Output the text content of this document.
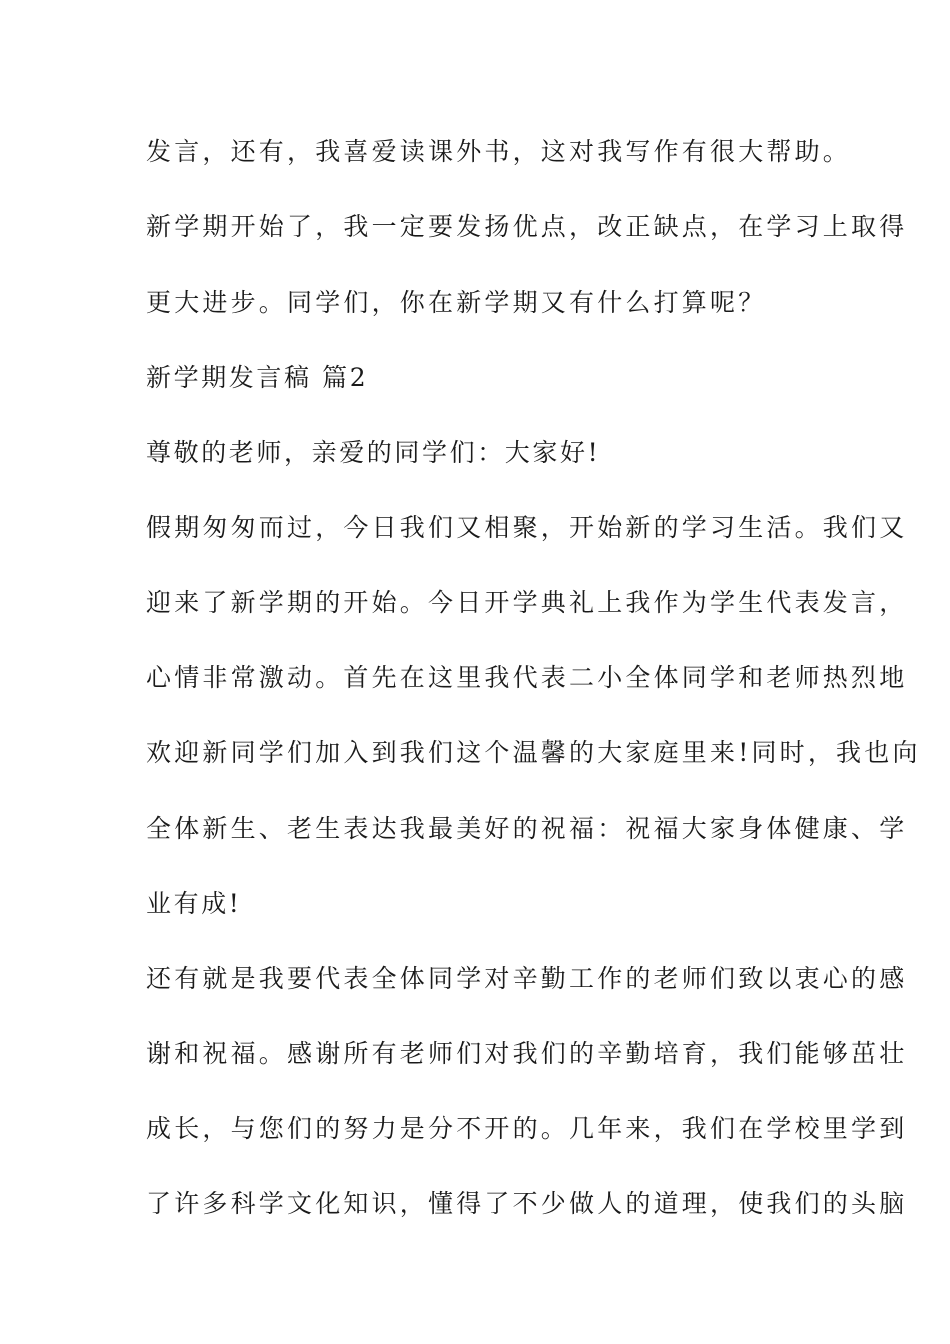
发言，还有，我喜爱读课外书，这对我写作有很大帮助。
新学期开始了，我一定要发扬优点，改正缺点，在学习上取得
更大进步。同学们，你在新学期又有什么打算呢？
新学期发言稿 篇2
尊敬的老师，亲爱的同学们：大家好!
假期匆匆而过，今日我们又相聚，开始新的学习生活。我们又
迎来了新学期的开始。今日开学典礼上我作为学生代表发言，
心情非常激动。首先在这里我代表二小全体同学和老师热烈地
欢迎新同学们加入到我们这个温馨的大家庭里来!同时，我也向
全体新生、老生表达我最美好的祝福：祝福大家身体健康、学
业有成!
还有就是我要代表全体同学对辛勤工作的老师们致以衷心的感
谢和祝福。感谢所有老师们对我们的辛勤培育，我们能够茁壮
成长，与您们的努力是分不开的。几年来，我们在学校里学到
了许多科学文化知识，懂得了不少做人的道理，使我们的头脑
